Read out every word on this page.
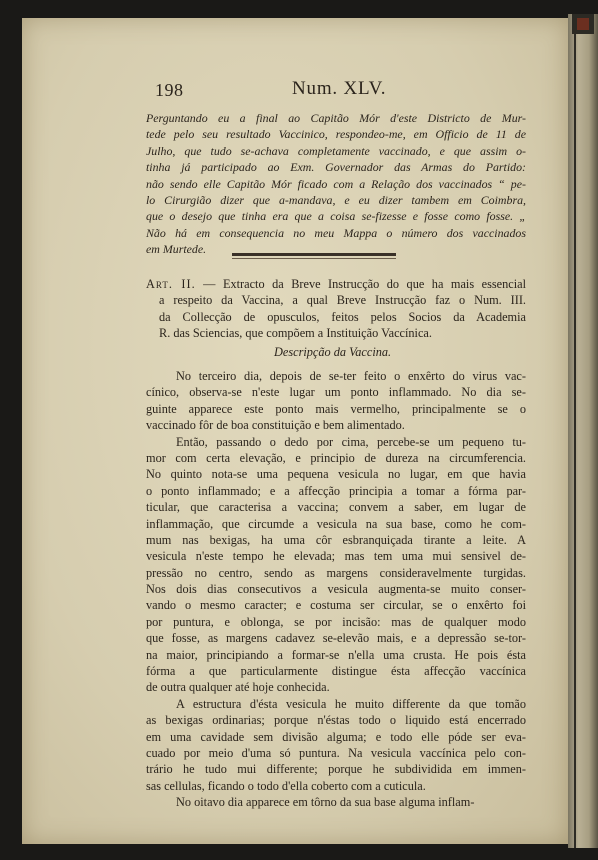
198	Num. XLV.
Perguntando eu a final ao Capitão Mór d'este Districto de Mur-
tede pelo seu resultado Vaccinico, respondeo-me, em Officio de 11 de
Julho, que tudo se-achava completamente vaccinado, e que assim o-
tinha já participado ao Exm. Governador das Armas do Partido:
não sendo elle Capitão Mór ficado com a Relação dos vaccinados “ pe-
lo Cirurgião dizer que a-mandava, e eu dizer tambem em Coimbra,
que o desejo que tinha era que a coisa se-fizesse e fosse como fosse. „
Não há em consequencia no meu Mappa o número dos vaccinados
em Murtede.
Art. II. — Extracto da Breve Instrucção do que ha mais essencial
a respeito da Vaccina, a qual Breve Instrucção faz o Num. III.
da Collecção de opusculos, feitos pelos Socios da Academia
R. das Sciencias, que compõem a Instituição Vaccínica.
Descripção da Vaccina.
No terceiro dia, depois de se-ter feito o enxêrto do virus vac-
cínico, observa-se n'este lugar um ponto inflammado. No dia se-
guinte apparece este ponto mais vermelho, principalmente se o
vaccinado fôr de boa constituição e bem alimentado.
Então, passando o dedo por cima, percebe-se um pequeno tu-
mor com certa elevação, e principio de dureza na circumferencia.
No quinto nota-se uma pequena vesicula no lugar, em que havia
o ponto inflammado; e a affecção principia a tomar a fórma par-
ticular, que caracterisa a vaccina; convem a saber, em lugar de
inflammação, que circumde a vesicula na sua base, como he com-
mum nas bexigas, ha uma côr esbranquiçada tirante a leite. A
vesicula n'este tempo he elevada; mas tem uma mui sensivel de-
pressão no centro, sendo as margens consideravelmente turgidas.
Nos dois dias consecutivos a vesicula augmenta-se muito conser-
vando o mesmo caracter; e costuma ser circular, se o enxêrto foi
por puntura, e oblonga, se por incisão: mas de qualquer modo
que fosse, as margens cadavez se-elevão mais, e a depressão se-tor-
na maior, principiando a formar-se n'ella uma crusta. He pois ésta
fórma a que particularmente distingue ésta affecção vaccínica
de outra qualquer até hoje conhecida.
A estructura d'ésta vesicula he muito differente da que tomão
as bexigas ordinarias; porque n'éstas todo o liquido está encerrado
em uma cavidade sem divisão alguma; e todo elle póde ser eva-
cuado por meio d'uma só puntura. Na vesicula vaccínica pelo con-
trário he tudo mui differente; porque he subdividida em immen-
sas cellulas, ficando o todo d'ella coberto com a cuticula.
No oitavo dia apparece em tôrno da sua base alguma inflam-
